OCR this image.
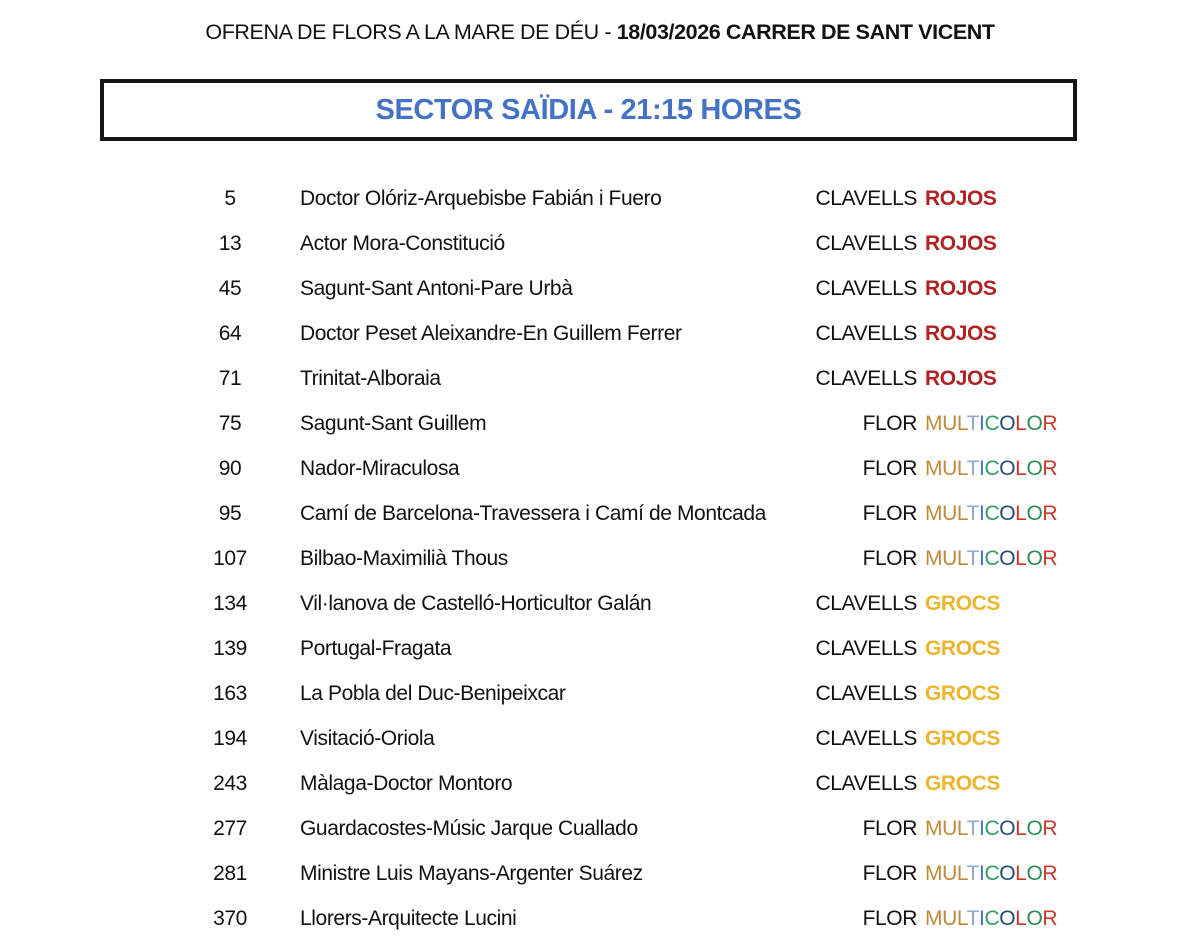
OFRENA DE FLORS A LA MARE DE DÉU - 18/03/2026 CARRER DE SANT VICENT
SECTOR SAÏDIA - 21:15 HORES
5	Doctor Olóriz-Arquebisbe Fabián i Fuero	CLAVELLS ROJOS
13	Actor Mora-Constitució	CLAVELLS ROJOS
45	Sagunt-Sant Antoni-Pare Urbà	CLAVELLS ROJOS
64	Doctor Peset Aleixandre-En Guillem Ferrer	CLAVELLS ROJOS
71	Trinitat-Alboraia	CLAVELLS ROJOS
75	Sagunt-Sant Guillem	FLOR MULTICOLOR
90	Nador-Miraculosa	FLOR MULTICOLOR
95	Camí de Barcelona-Travessera i Camí de Montcada	FLOR MULTICOLOR
107	Bilbao-Maximilià Thous	FLOR MULTICOLOR
134	Vil·lanova de Castelló-Horticultor Galán	CLAVELLS GROCS
139	Portugal-Fragata	CLAVELLS GROCS
163	La Pobla del Duc-Benipeixcar	CLAVELLS GROCS
194	Visitació-Oriola	CLAVELLS GROCS
243	Màlaga-Doctor Montoro	CLAVELLS GROCS
277	Guardacostes-Músic Jarque Cuallado	FLOR MULTICOLOR
281	Ministre Luis Mayans-Argenter Suárez	FLOR MULTICOLOR
370	Llorers-Arquitecte Lucini	FLOR MULTICOLOR
